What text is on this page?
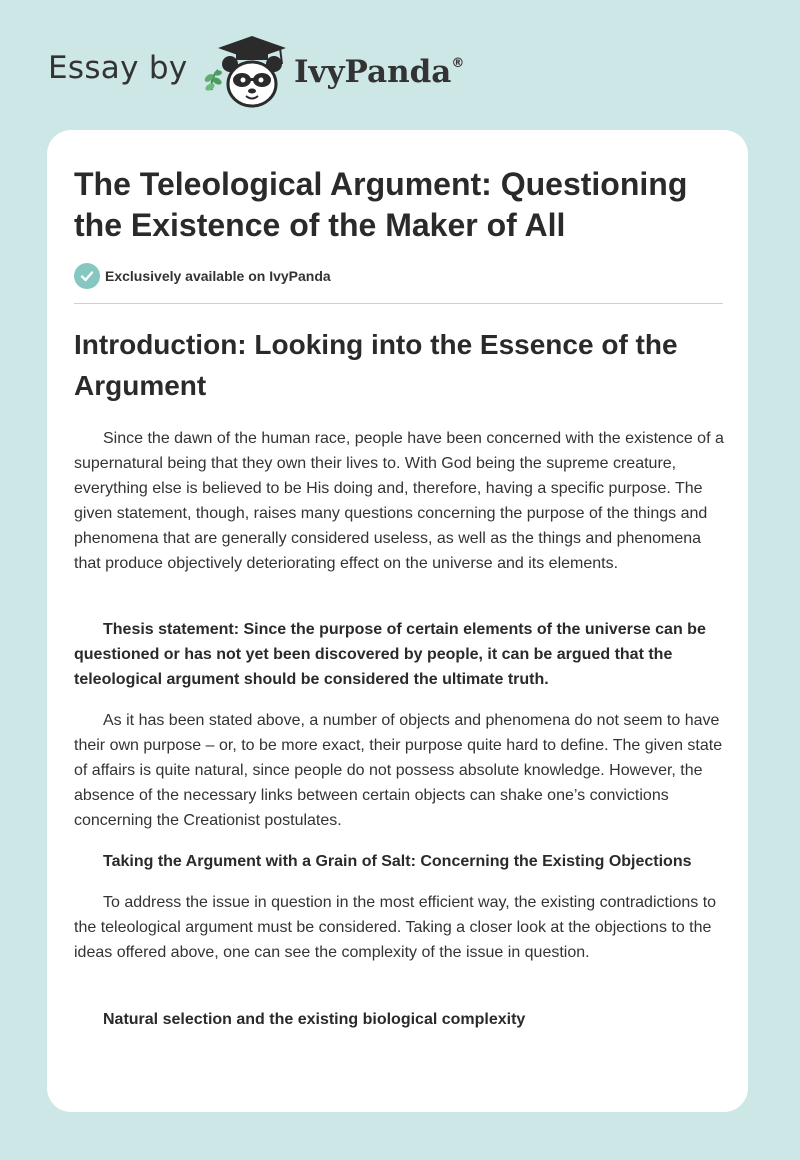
Essay by	IvyPanda®
The Teleological Argument: Questioning the Existence of the Maker of All
Exclusively available on IvyPanda
Introduction: Looking into the Essence of the Argument

Since the dawn of the human race, people have been concerned with the existence of a supernatural being that they own their lives to. With God being the supreme creature, everything else is believed to be His doing and, therefore, having a specific purpose. The given statement, though, raises many questions concerning the purpose of the things and phenomena that are generally considered useless, as well as the things and phenomena that produce objectively deteriorating effect on the universe and its elements.

Thesis statement: Since the purpose of certain elements of the universe can be questioned or has not yet been discovered by people, it can be argued that the teleological argument should be considered the ultimate truth.

As it has been stated above, a number of objects and phenomena do not seem to have their own purpose – or, to be more exact, their purpose quite hard to define. The given state of affairs is quite natural, since people do not possess absolute knowledge. However, the absence of the necessary links between certain objects can shake one’s convictions concerning the Creationist postulates.

Taking the Argument with a Grain of Salt: Concerning the Existing Objections

To address the issue in question in the most efficient way, the existing contradictions to the teleological argument must be considered. Taking a closer look at the objections to the ideas offered above, one can see the complexity of the issue in question.

Natural selection and the existing biological complexity
